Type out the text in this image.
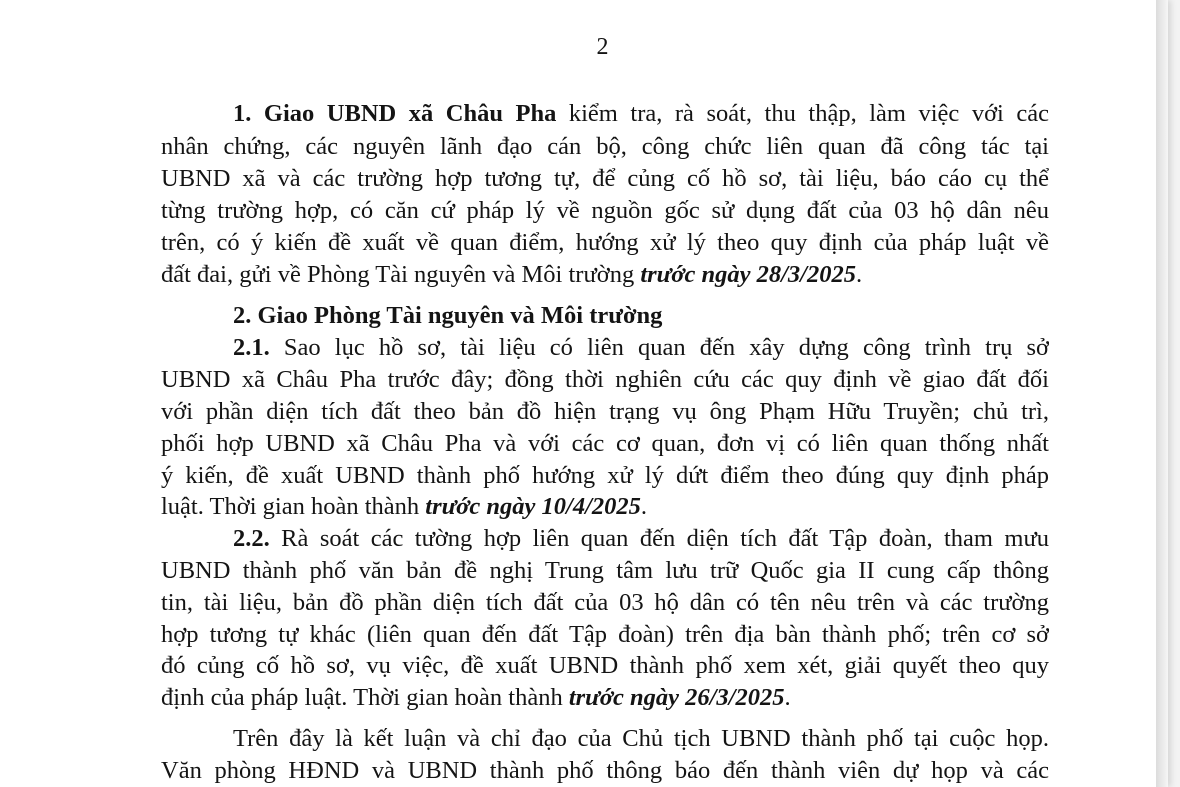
2
1. Giao UBND xã Châu Pha kiểm tra, rà soát, thu thập, làm việc với các
nhân chứng, các nguyên lãnh đạo cán bộ, công chức liên quan đã công tác tại
UBND xã và các trường hợp tương tự, để củng cố hồ sơ, tài liệu, báo cáo cụ thể
từng trường hợp, có căn cứ pháp lý về nguồn gốc sử dụng đất của 03 hộ dân nêu
trên, có ý kiến đề xuất về quan điểm, hướng xử lý theo quy định của pháp luật về
đất đai, gửi về Phòng Tài nguyên và Môi trường trước ngày 28/3/2025.
2. Giao Phòng Tài nguyên và Môi trường
2.1. Sao lục hồ sơ, tài liệu có liên quan đến xây dựng công trình trụ sở
UBND xã Châu Pha trước đây; đồng thời nghiên cứu các quy định về giao đất đối
với phần diện tích đất theo bản đồ hiện trạng vụ ông Phạm Hữu Truyền; chủ trì,
phối hợp UBND xã Châu Pha và với các cơ quan, đơn vị có liên quan thống nhất
ý kiến, đề xuất UBND thành phố hướng xử lý dứt điểm theo đúng quy định pháp
luật. Thời gian hoàn thành trước ngày 10/4/2025.
2.2. Rà soát các tường hợp liên quan đến diện tích đất Tập đoàn, tham mưu
UBND thành phố văn bản đề nghị Trung tâm lưu trữ Quốc gia II cung cấp thông
tin, tài liệu, bản đồ phần diện tích đất của 03 hộ dân có tên nêu trên và các trường
hợp tương tự khác (liên quan đến đất Tập đoàn) trên địa bàn thành phố; trên cơ sở
đó củng cố hồ sơ, vụ việc, đề xuất UBND thành phố xem xét, giải quyết theo quy
định của pháp luật. Thời gian hoàn thành trước ngày 26/3/2025.
Trên đây là kết luận và chỉ đạo của Chủ tịch UBND thành phố tại cuộc họp.
Văn phòng HĐND và UBND thành phố thông báo đến thành viên dự họp và các
